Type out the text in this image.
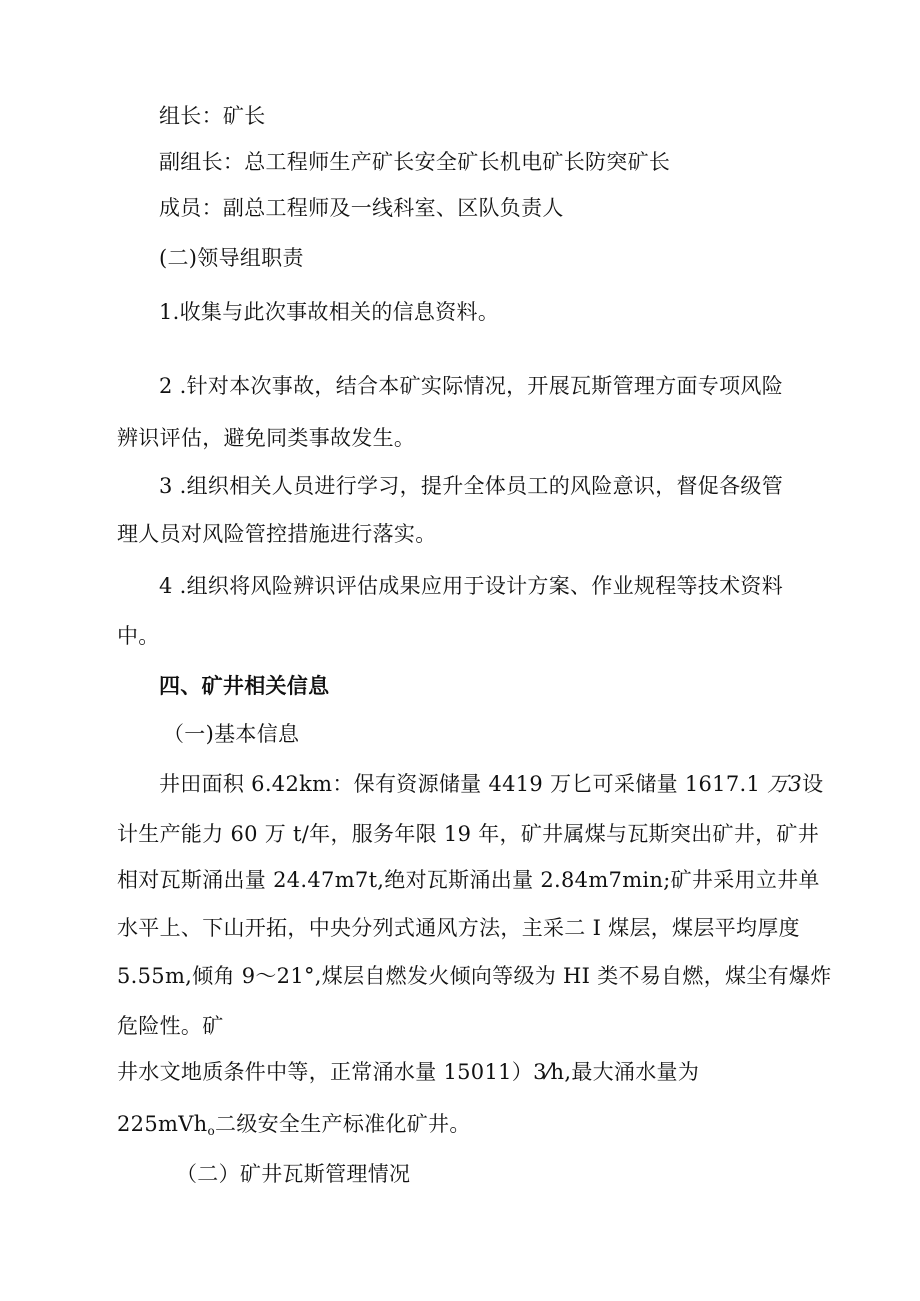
组长：矿长
副组长：总工程师生产矿长安全矿长机电矿长防突矿长
成员：副总工程师及一线科室、区队负责人
(二)领导组职责
1.收集与此次事故相关的信息资料。
2 .针对本次事故，结合本矿实际情况，开展瓦斯管理方面专项风险
辨识评估，避免同类事故发生。
3 .组织相关人员进行学习，提升全体员工的风险意识，督促各级管
理人员对风险管控措施进行落实。
4 .组织将风险辨识评估成果应用于设计方案、作业规程等技术资料
中。
四、矿井相关信息
（一)基本信息
井田面积 6.42km：保有资源储量 4419 万匕可采储量 1617.1 万3设
计生产能力 60 万 t/年，服务年限 19 年，矿井属煤与瓦斯突出矿井，矿井
相对瓦斯涌出量 24.47m7t,绝对瓦斯涌出量 2.84m7min;矿井采用立井单
水平上、下山开拓，中央分列式通风方法，主采二 I 煤层，煤层平均厚度
5.55m,倾角 9～21°,煤层自燃发火倾向等级为 HI 类不易自燃，煤尘有爆炸
危险性。矿
井水文地质条件中等，正常涌水量 15011）3⁄h,最大涌水量为
225mVh$_o$二级安全生产标准化矿井。
（二）矿井瓦斯管理情况
